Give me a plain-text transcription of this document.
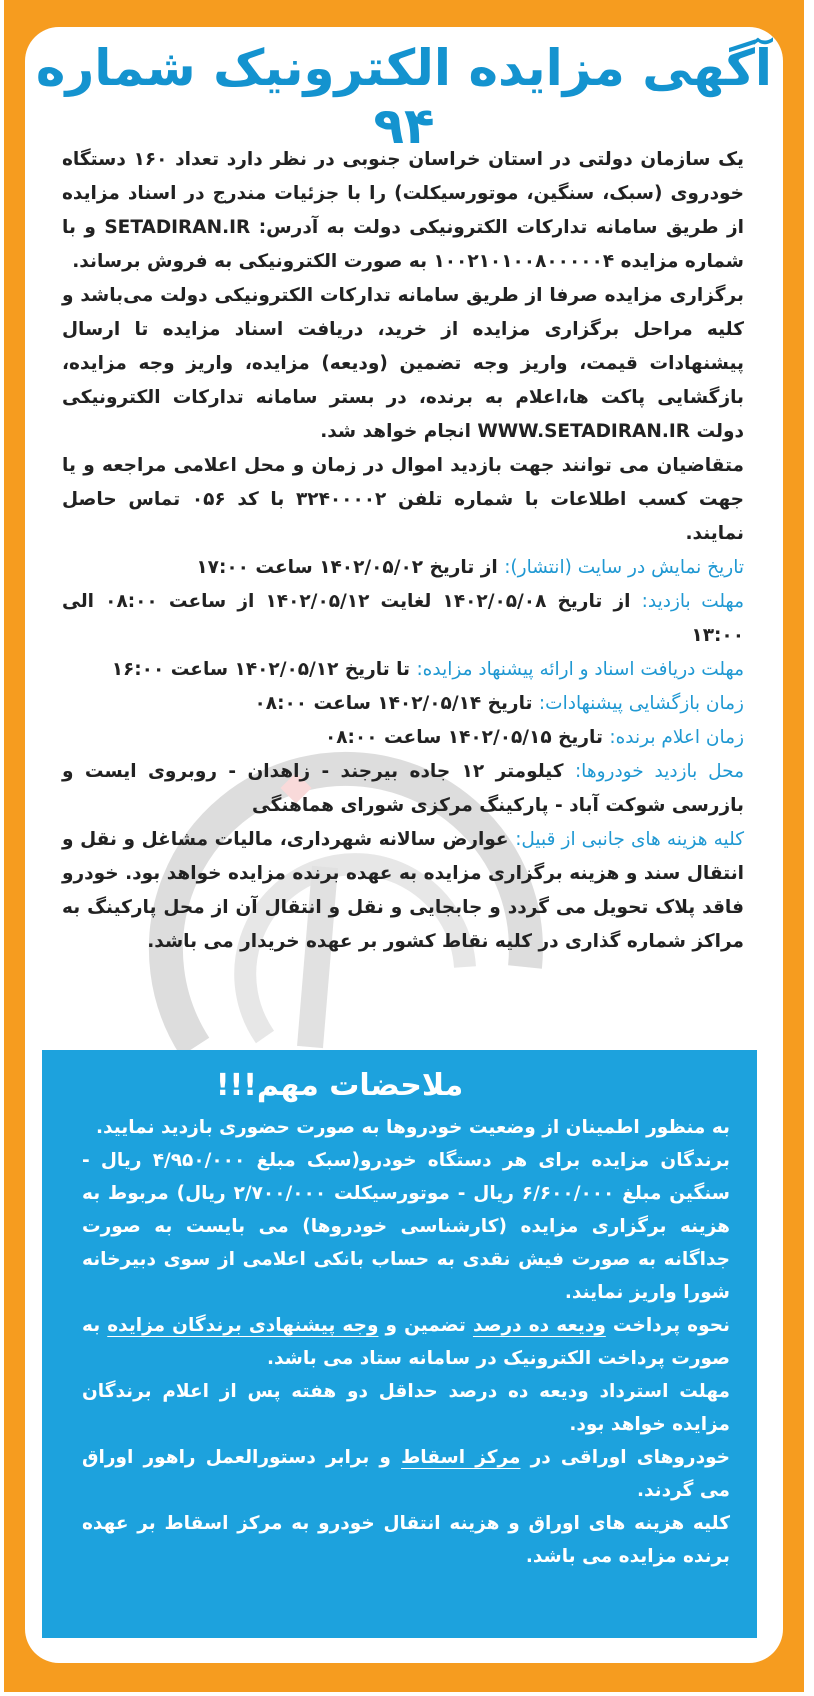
آگهی مزایده الکترونیک شماره ۹۴

یک سازمان دولتی در استان خراسان جنوبی در نظر دارد تعداد ۱۶۰ دستگاه خودروی (سبک، سنگین، موتورسیکلت) را با جزئیات مندرج در اسناد مزایده از طریق سامانه تدارکات الکترونیکی دولت به آدرس: SETADIRAN.IR و با شماره مزایده ۱۰۰۲۱۰۱۰۰۸۰۰۰۰۰۴ به صورت الکترونیکی به فروش برساند.

برگزاری مزایده صرفا از طریق سامانه تدارکات الکترونیکی دولت می‌باشد و کلیه مراحل برگزاری مزایده از خرید، دریافت اسناد مزایده تا ارسال پیشنهادات قیمت، واریز وجه تضمین (ودیعه) مزایده، واریز وجه مزایده، بازگشایی پاکت ها،اعلام به برنده، در بستر سامانه تدارکات الکترونیکی دولت WWW.SETADIRAN.IR انجام خواهد شد.

متقاضیان می توانند جهت بازدید اموال در زمان و محل اعلامی مراجعه و یا جهت کسب اطلاعات با شماره تلفن ۳۲۴۰۰۰۰۲ با کد ۰۵۶ تماس حاصل نمایند.

تاریخ نمایش در سایت (انتشار): از تاریخ ۱۴۰۲/۰۵/۰۲ ساعت ۱۷:۰۰

مهلت بازدید: از تاریخ ۱۴۰۲/۰۵/۰۸ لغایت ۱۴۰۲/۰۵/۱۲ از ساعت ۰۸:۰۰ الی ۱۳:۰۰

مهلت دریافت اسناد و ارائه پیشنهاد مزایده: تا تاریخ ۱۴۰۲/۰۵/۱۲ ساعت ۱۶:۰۰

زمان بازگشایی پیشنهادات: تاریخ ۱۴۰۲/۰۵/۱۴ ساعت ۰۸:۰۰

زمان اعلام برنده: تاریخ ۱۴۰۲/۰۵/۱۵ ساعت ۰۸:۰۰

محل بازدید خودروها: کیلومتر ۱۲ جاده بیرجند - زاهدان - روبروی ایست و بازرسی شوکت آباد - پارکینگ مرکزی شورای هماهنگی

کلیه هزینه های جانبی از قبیل: عوارض سالانه شهرداری، مالیات مشاغل و نقل و انتقال سند و هزینه برگزاری مزایده به عهده برنده مزایده خواهد بود. خودرو فاقد پلاک تحویل می گردد و جابجایی و نقل و انتقال آن از محل پارکینگ به مراکز شماره گذاری در کلیه نقاط کشور بر عهده خریدار می باشد.

ملاحضات مهم!!!

به منظور اطمینان از وضعیت خودروها به صورت حضوری بازدید نمایید.

برندگان مزایده برای هر دستگاه خودرو(سبک مبلغ ۴/۹۵۰/۰۰۰ ریال - سنگین مبلغ ۶/۶۰۰/۰۰۰ ریال - موتورسیکلت ۲/۷۰۰/۰۰۰ ریال) مربوط به هزینه برگزاری مزایده (کارشناسی خودروها) می بایست به صورت جداگانه به صورت فیش نقدی به حساب بانکی اعلامی از سوی دبیرخانه شورا واریز نمایند.

نحوه پرداخت ودیعه ده درصد تضمین و وجه پیشنهادی برندگان مزایده به صورت پرداخت الکترونیک در سامانه ستاد می باشد.

مهلت استرداد ودیعه ده درصد حداقل دو هفته پس از اعلام برندگان مزایده خواهد بود.

خودروهای اوراقی در مرکز اسقاط و برابر دستورالعمل راهور اوراق می گردند.

کلیه هزینه های اوراق و هزینه انتقال خودرو به مرکز اسقاط بر عهده برنده مزایده می باشد.
